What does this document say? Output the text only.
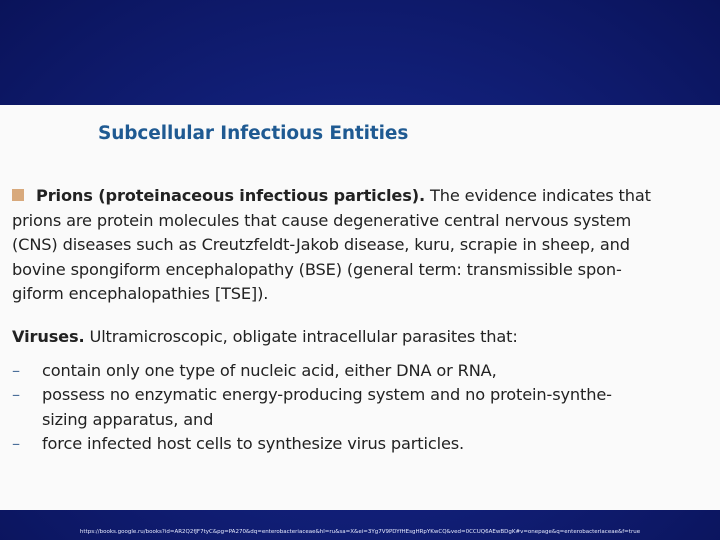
Subcellular Infectious Entities
Prions (proteinaceous infectious particles). The evidence indicates that
prions are protein molecules that cause degenerative central nervous system
(CNS) diseases such as Creutzfeldt-Jakob disease, kuru, scrapie in sheep, and
bovine spongiform encephalopathy (BSE) (general term: transmissible spon-
giform encephalopathies [TSE]).
Viruses. Ultramicroscopic, obligate intracellular parasites that:
– contain only one type of nucleic acid, either DNA or RNA,
– possess no enzymatic energy-producing system and no protein-synthe-
sizing apparatus, and
– force infected host cells to synthesize virus particles.
https://books.google.ru/books?id=AR2Q2fJF7tyC&pg=PA270&dq=enterobacteriaceae&hl=ru&sa=X&ei=3Yg7V9PDYfHEsgHRpYKwCQ&ved=0CCUQ6AEwBDgK#v=onepage&q=enterobacteriaceae&f=true
